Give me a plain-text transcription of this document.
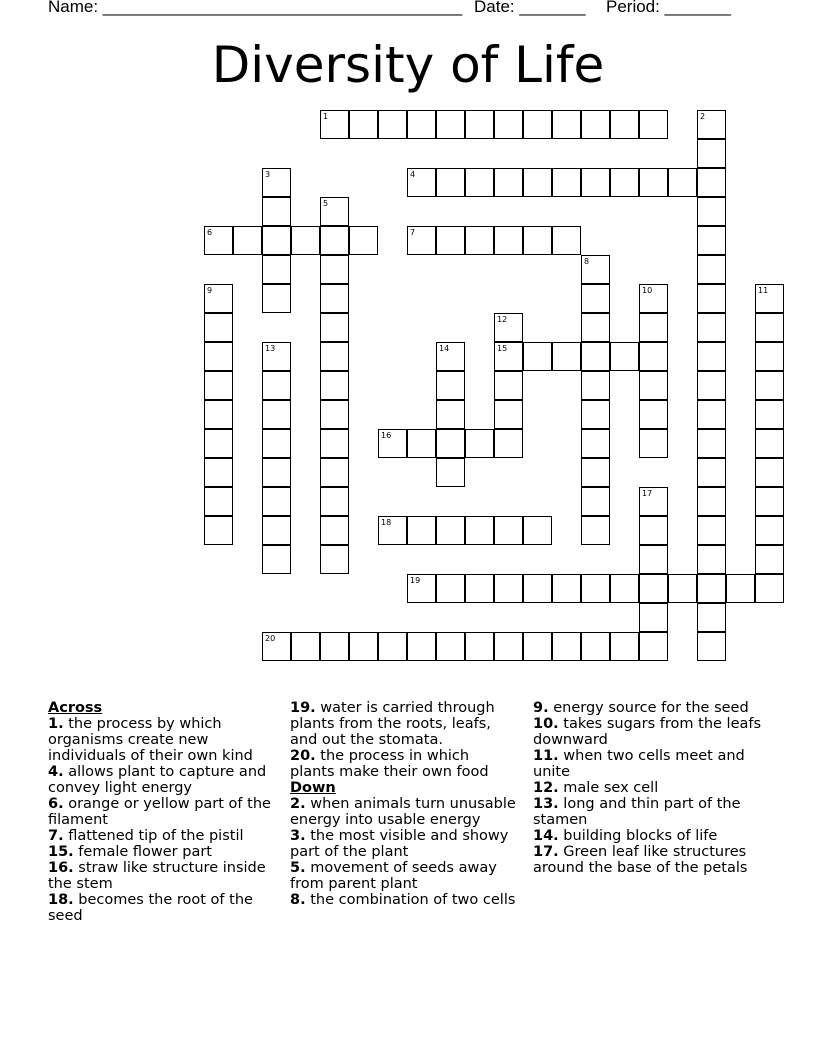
Name: ______________________________________ Date: _______ Period: _______
Diversity of Life
1	2
3	4
5
6	7
8
9	10	11
12
13	14	15
16
17
18
19
20
Across
1. the process by which organisms create new individuals of their own kind
4. allows plant to capture and convey light energy
6. orange or yellow part of the filament
7. flattened tip of the pistil
15. female flower part
16. straw like structure inside the stem
18. becomes the root of the seed
19. water is carried through plants from the roots, leafs, and out the stomata.
20. the process in which plants make their own food
Down
2. when animals turn unusable energy into usable energy
3. the most visible and showy part of the plant
5. movement of seeds away from parent plant
8. the combination of two cells
9. energy source for the seed
10. takes sugars from the leafs downward
11. when two cells meet and unite
12. male sex cell
13. long and thin part of the stamen
14. building blocks of life
17. Green leaf like structures around the base of the petals
